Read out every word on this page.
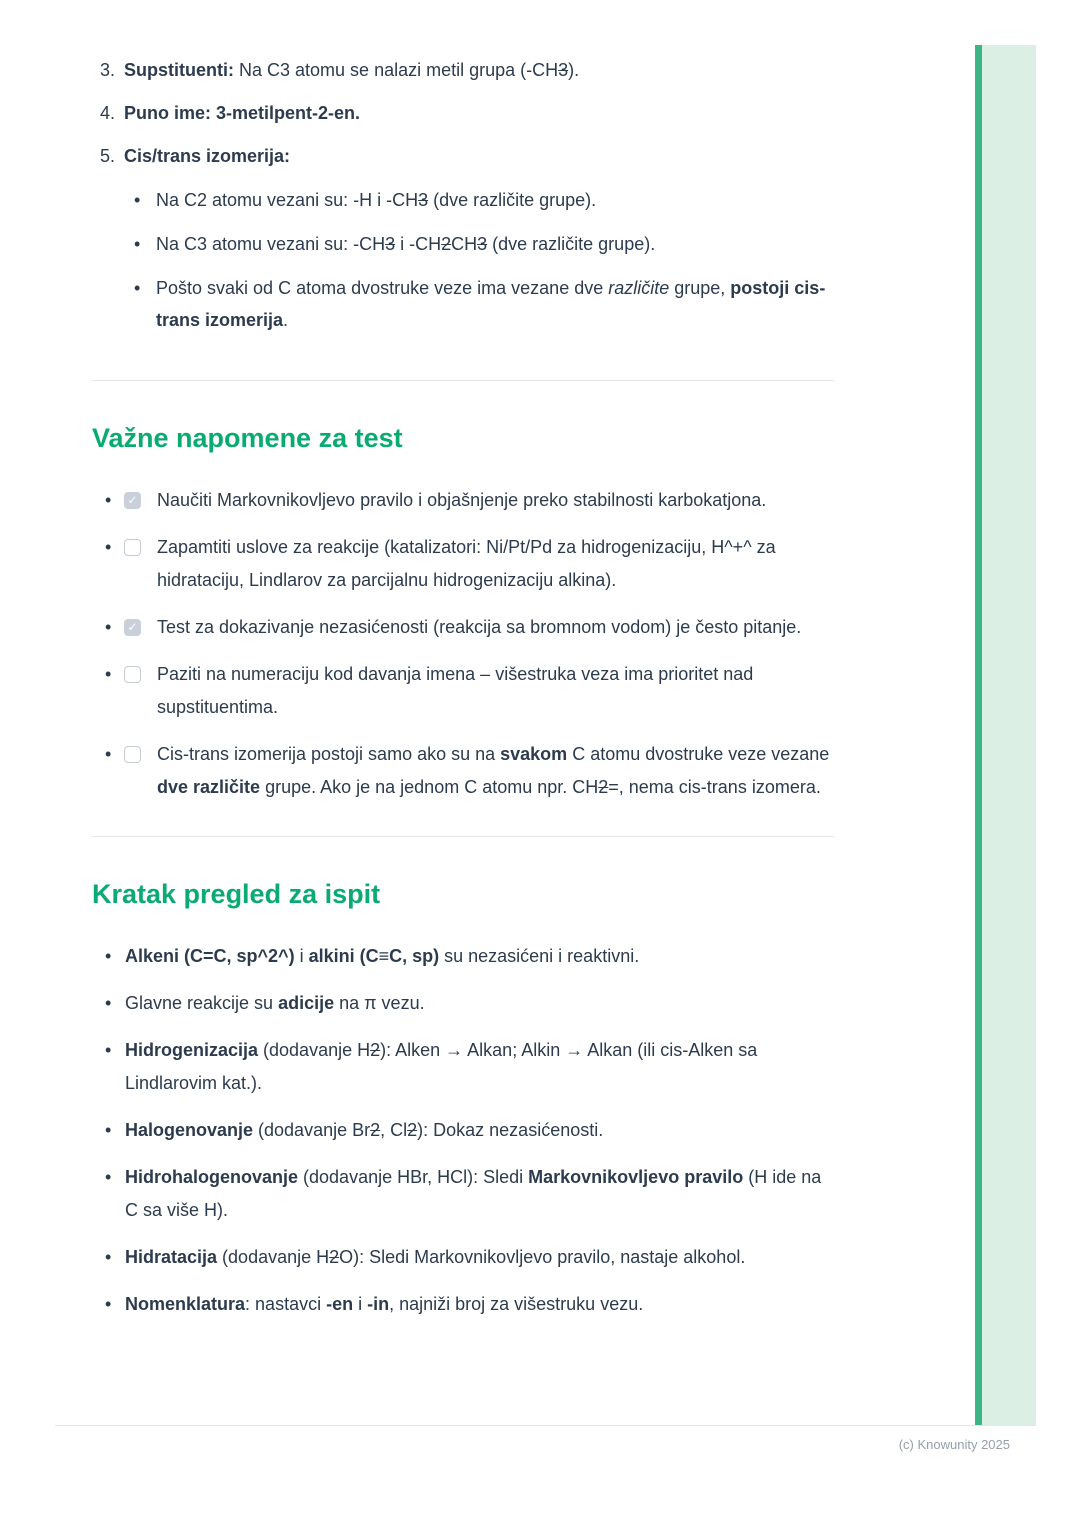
3. Supstituenti: Na C3 atomu se nalazi metil grupa (-CH3).
4. Puno ime: 3-metilpent-2-en.
5. Cis/trans izomerija:
• Na C2 atomu vezani su: -H i -CH3 (dve različite grupe).
• Na C3 atomu vezani su: -CH3 i -CH2CH3 (dve različite grupe).
• Pošto svaki od C atoma dvostruke veze ima vezane dve različite grupe, postoji cis-trans izomerija.
Važne napomene za test
•	✓ Naučiti Markovnikovljevo pravilo i objašnjenje preko stabilnosti karbokatjona.
•	Zapamtiti uslove za reakcije (katalizatori: Ni/Pt/Pd za hidrogenizaciju, H^+^ za hidrataciju, Lindlarov za parcijalnu hidrogenizaciju alkina).
•	✓ Test za dokazivanje nezasićenosti (reakcija sa bromnom vodom) je često pitanje.
•	Paziti na numeraciju kod davanja imena – višestruka veza ima prioritet nad supstituentima.
•	Cis-trans izomerija postoji samo ako su na svakom C atomu dvostruke veze vezane dve različite grupe. Ako je na jednom C atomu npr. CH2=, nema cis-trans izomera.
Kratak pregled za ispit
• Alkeni (C=C, sp^2^) i alkini (C≡C, sp) su nezasićeni i reaktivni.
• Glavne reakcije su adicije na π vezu.
• Hidrogenizacija (dodavanje H2): Alken → Alkan; Alkin → Alkan (ili cis-Alken sa Lindlarovim kat.).
• Halogenovanje (dodavanje Br2, Cl2): Dokaz nezasićenosti.
• Hidrohalogenovanje (dodavanje HBr, HCl): Sledi Markovnikovljevo pravilo (H ide na C sa više H).
• Hidratacija (dodavanje H2O): Sledi Markovnikovljevo pravilo, nastaje alkohol.
• Nomenklatura: nastavci -en i -in, najniži broj za višestruku vezu.
(c) Knowunity 2025
